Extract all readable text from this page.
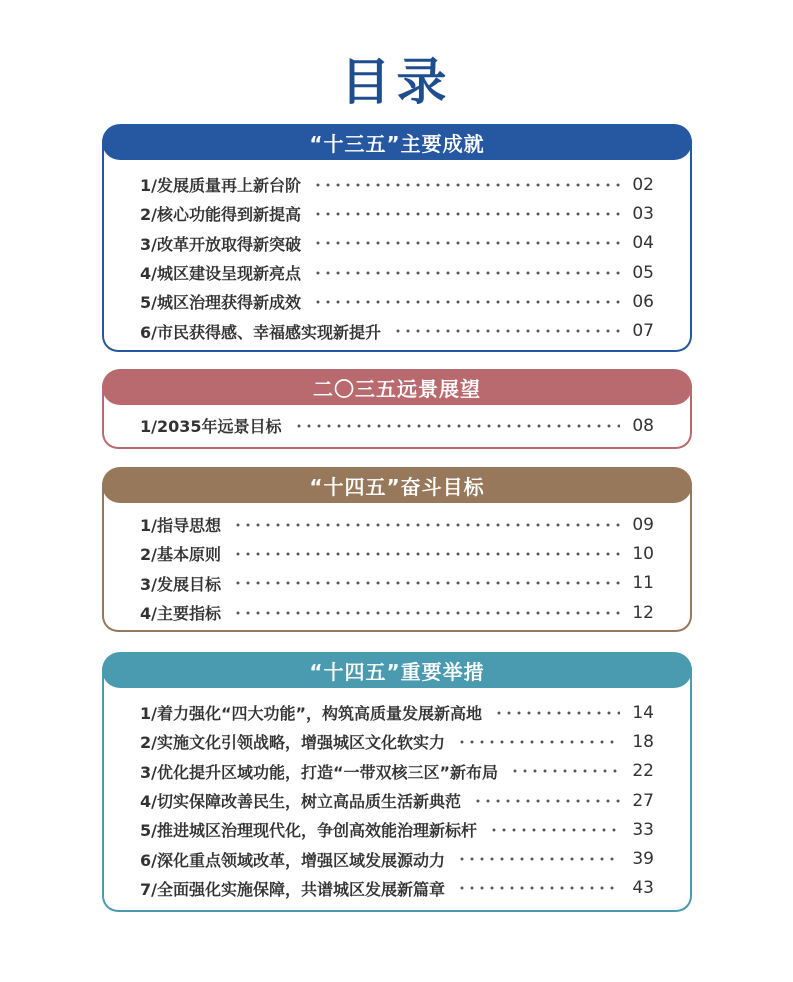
目录
“十三五”主要成就
1/发展质量再上新台阶	02
2/核心功能得到新提高	03
3/改革开放取得新突破	04
4/城区建设呈现新亮点	05
5/城区治理获得新成效	06
6/市民获得感、幸福感实现新提升	07
二〇三五远景展望
1/2035年远景目标	08
“十四五”奋斗目标
1/指导思想	09
2/基本原则	10
3/发展目标	11
4/主要指标	12
“十四五”重要举措
1/着力强化“四大功能”，构筑高质量发展新高地	14
2/实施文化引领战略，增强城区文化软实力	18
3/优化提升区域功能，打造“一带双核三区”新布局	22
4/切实保障改善民生，树立高品质生活新典范	27
5/推进城区治理现代化，争创高效能治理新标杆	33
6/深化重点领域改革，增强区域发展源动力	39
7/全面强化实施保障，共谱城区发展新篇章	43
